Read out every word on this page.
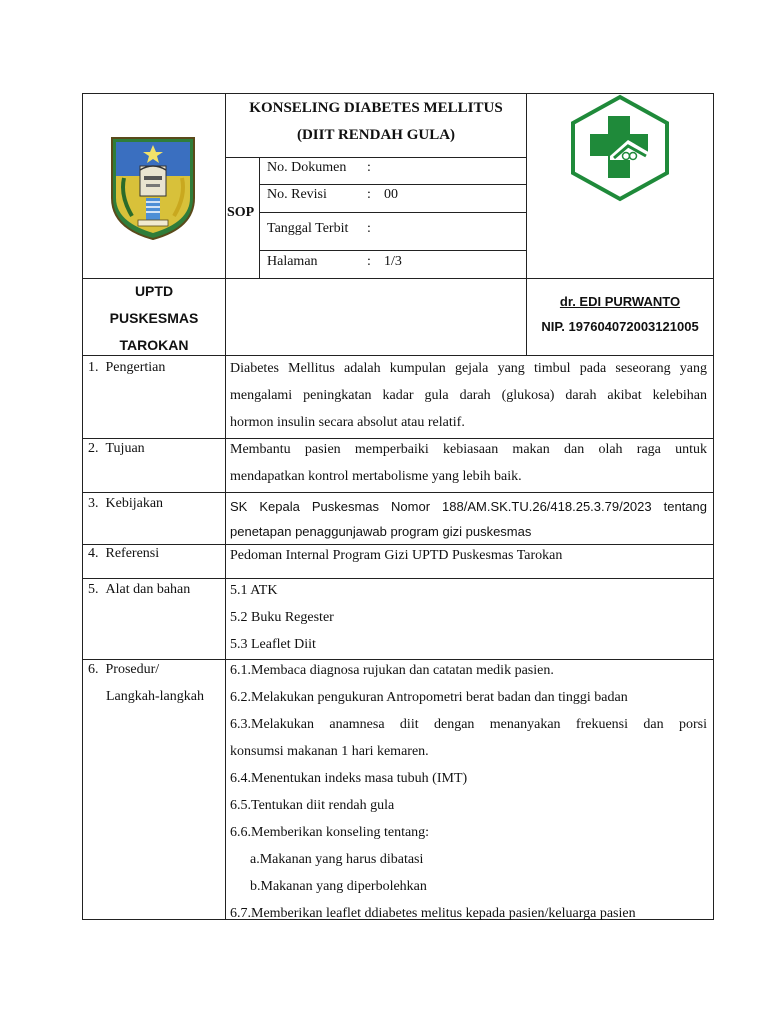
KONSELING DIABETES MELLITUS
(DIIT RENDAH GULA)
SOP
No. Dokumen :
No. Revisi	: 00
Tanggal Terbit :
Halaman	: 1/3
UPTD
PUSKESMAS
TAROKAN
dr. EDI PURWANTO
NIP. 197604072003121005
1. Pengertian
2. Tujuan
3. Kebijakan
4. Referensi
5. Alat dan bahan
6. Prosedur/
Langkah-langkah
Diabetes Mellitus adalah kumpulan gejala yang timbul pada seseorang yang
mengalami peningkatan kadar gula darah (glukosa) darah akibat kelebihan
hormon insulin secara absolut atau relatif.
Membantu pasien memperbaiki kebiasaan makan dan olah raga untuk
mendapatkan kontrol mertabolisme yang lebih baik.
SK Kepala Puskesmas Nomor 188/AM.SK.TU.26/418.25.3.79/2023 tentang
penetapan penaggunjawab program gizi puskesmas
Pedoman Internal Program Gizi UPTD Puskesmas Tarokan
5.1 ATK
5.2 Buku Regester
5.3 Leaflet Diit
6.1.Membaca diagnosa rujukan dan catatan medik pasien.
6.2.Melakukan pengukuran Antropometri berat badan dan tinggi badan
6.3.Melakukan anamnesa diit dengan menanyakan frekuensi dan porsi
konsumsi makanan 1 hari kemaren.
6.4.Menentukan indeks masa tubuh (IMT)
6.5.Tentukan diit rendah gula
6.6.Memberikan konseling tentang:
a.Makanan yang harus dibatasi
b.Makanan yang diperbolehkan
6.7.Memberikan leaflet ddiabetes melitus kepada pasien/keluarga pasien
